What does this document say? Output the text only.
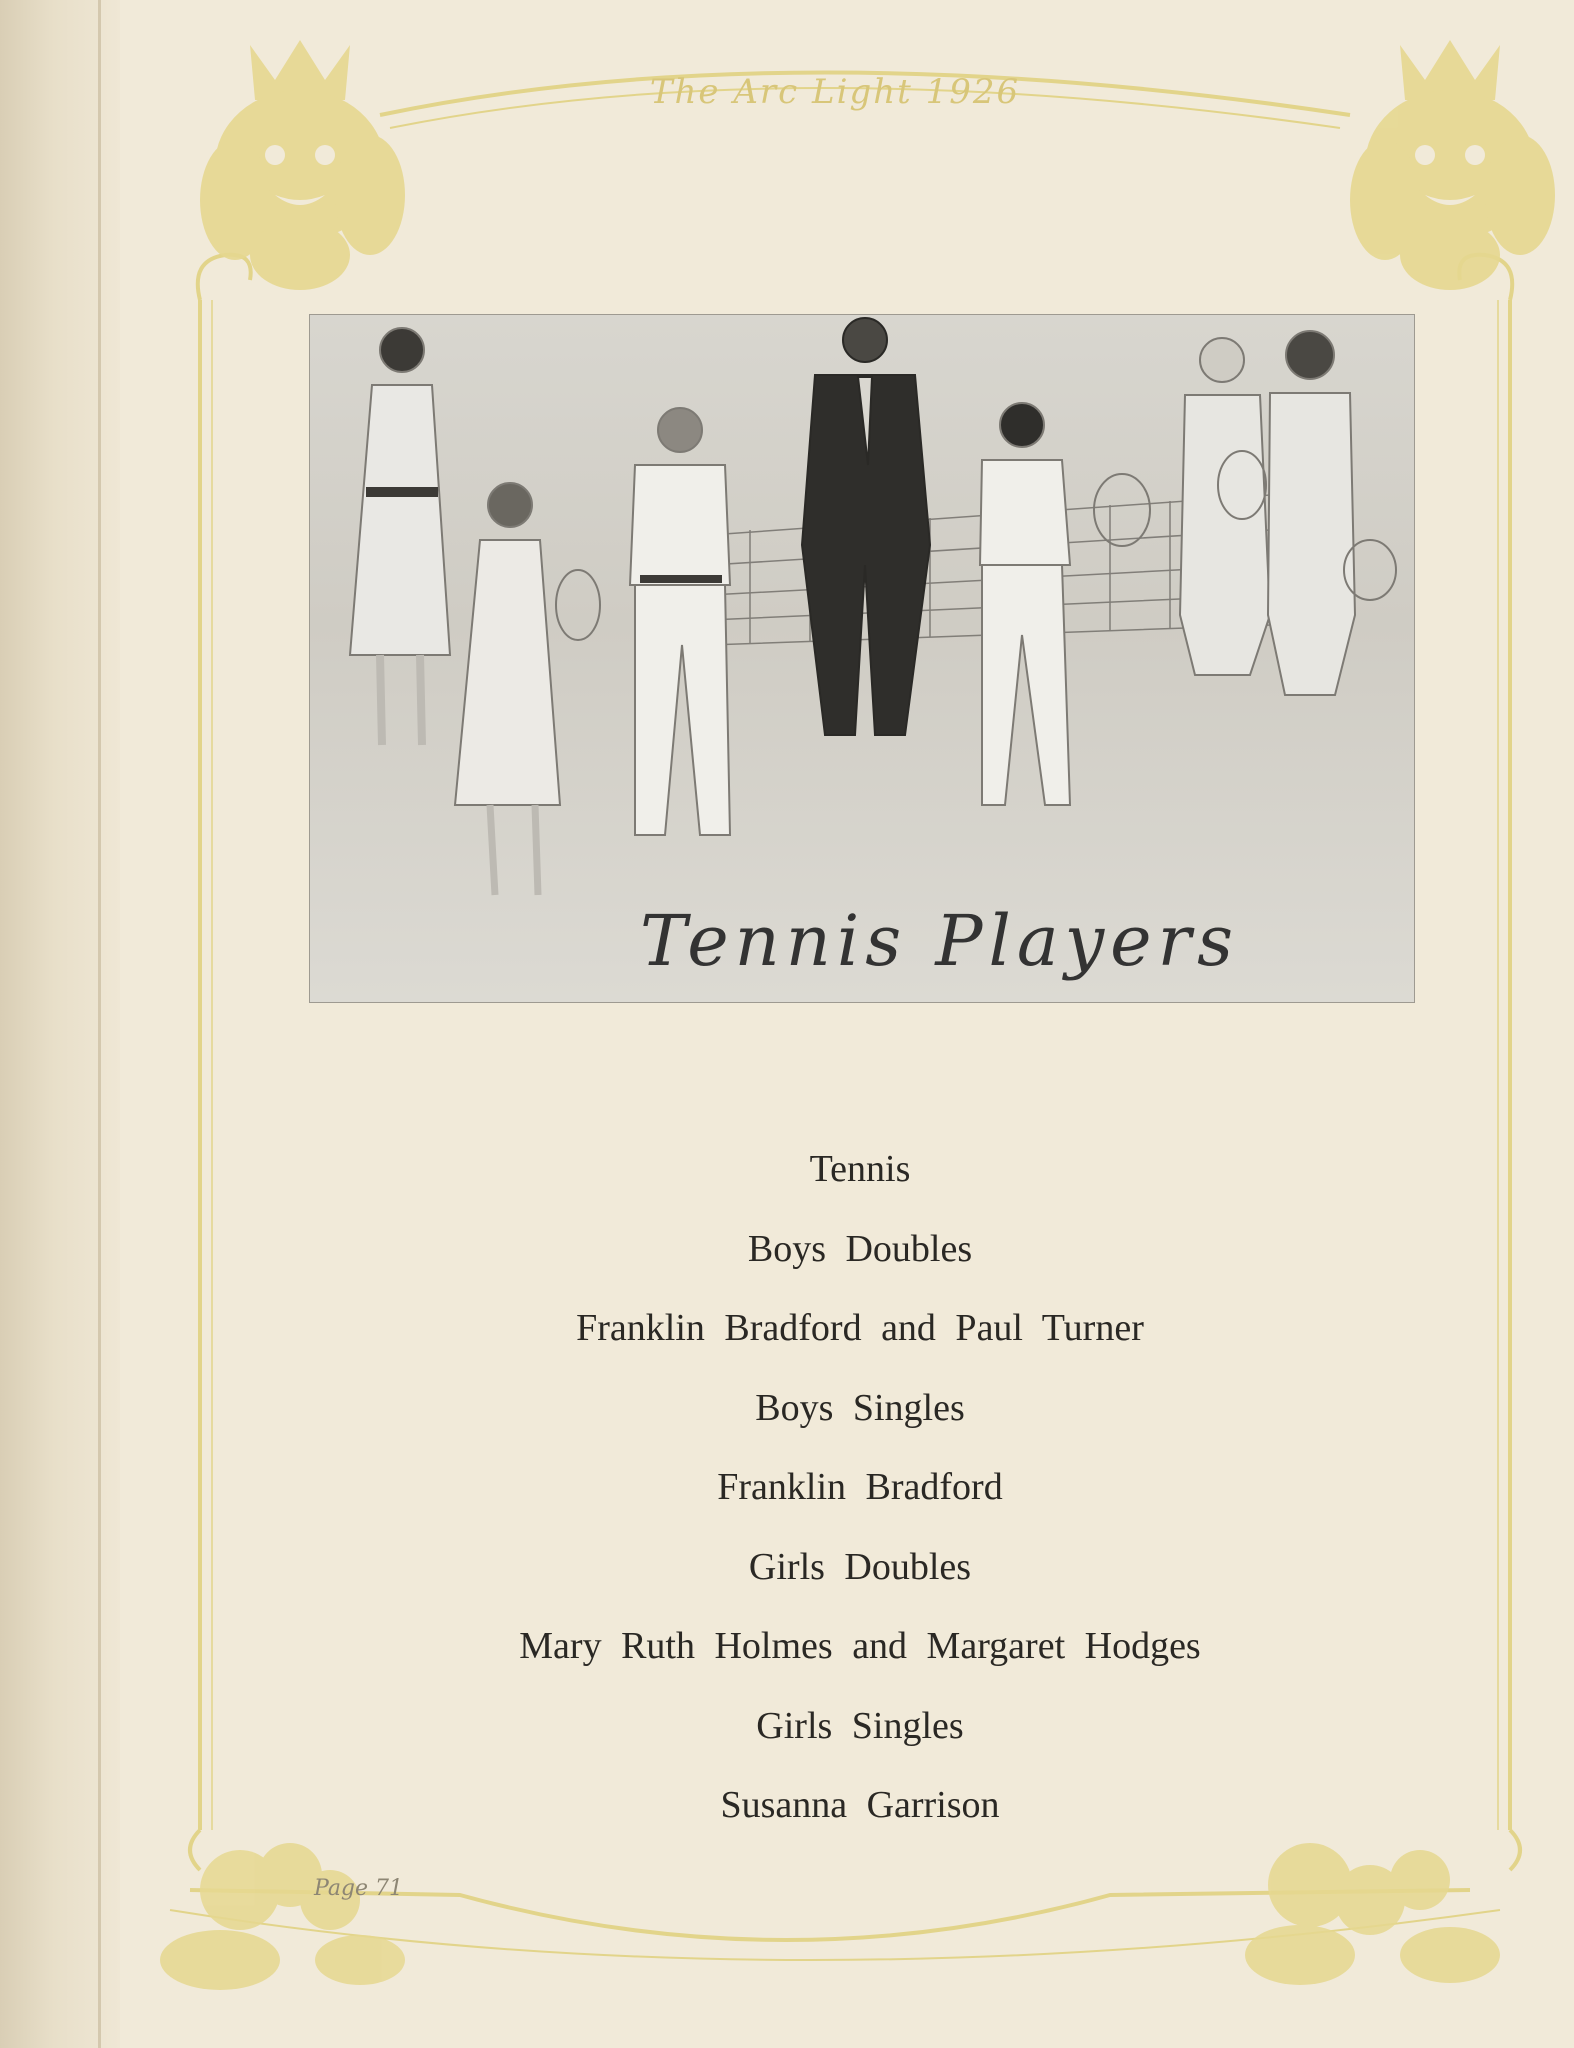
The Arc Light 1926
Tennis Players
Tennis
Boys Doubles
Franklin Bradford and Paul Turner
Boys Singles
Franklin Bradford
Girls Doubles
Mary Ruth Holmes and Margaret Hodges
Girls Singles
Susanna Garrison
Page 71
